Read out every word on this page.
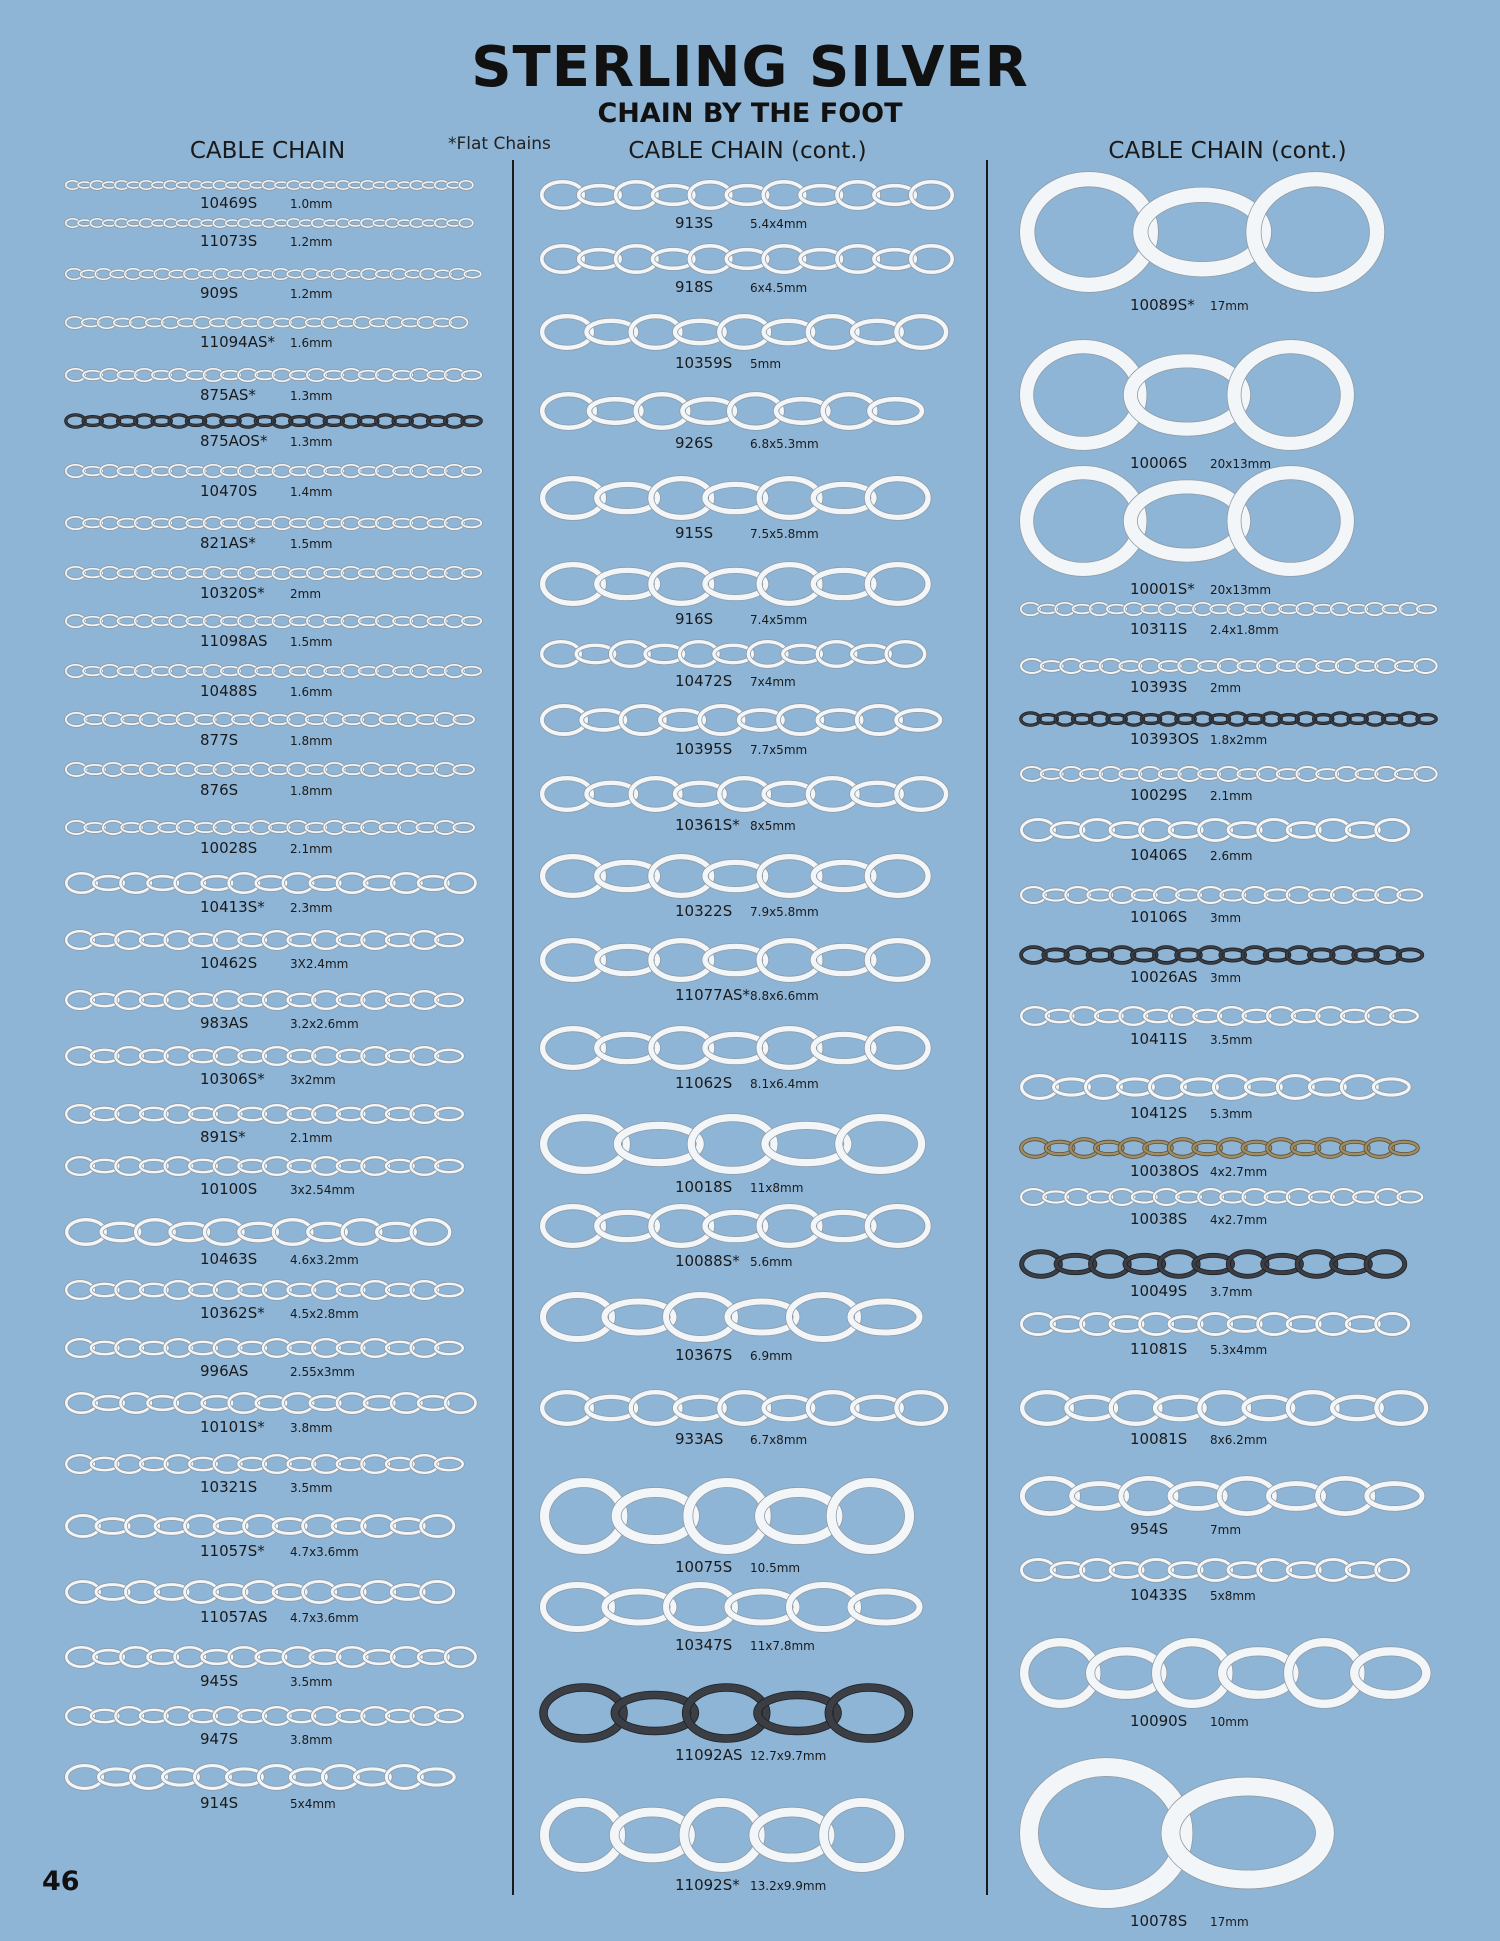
STERLING SILVER
CHAIN BY THE FOOT
*Flat Chains
CABLE CHAIN	CABLE CHAIN (cont.)	CABLE CHAIN (cont.)
10469S	1.0mm
11073S	1.2mm
909S	1.2mm
11094AS* 1.6mm
875AS*	1.3mm
875AOS* 1.3mm
10470S	1.4mm
821AS*	1.5mm
10320S* 2mm
11098AS 1.5mm
10488S	1.6mm
877S	1.8mm
876S	1.8mm
10028S	2.1mm
10413S* 2.3mm
10462S	3X2.4mm
983AS	3.2x2.6mm
10306S* 3x2mm
891S*	2.1mm
10100S	3x2.54mm
10463S	4.6x3.2mm
10362S* 4.5x2.8mm
996AS	2.55x3mm
10101S* 3.8mm
10321S	3.5mm
11057S* 4.7x3.6mm
11057AS 4.7x3.6mm
945S	3.5mm
947S	3.8mm
914S	5x4mm
913S	5.4x4mm
918S	6x4.5mm
10359S 5mm
926S	6.8x5.3mm
915S	7.5x5.8mm
916S	7.4x5mm
10472S 7x4mm
10395S 7.7x5mm
10361S* 8x5mm
10322S 7.9x5.8mm
11077AS* 8.8x6.6mm
11062S 8.1x6.4mm
10018S 11x8mm
10088S* 5.6mm
10367S 6.9mm
933AS 6.7x8mm
10075S 10.5mm
10347S 11x7.8mm
11092AS 12.7x9.7mm
11092S* 13.2x9.9mm
10089S* 17mm
10006S 20x13mm
10001S* 20x13mm
10311S 2.4x1.8mm
10393S 2mm
10393OS 1.8x2mm
10029S 2.1mm
10406S 2.6mm
10106S 3mm
10026AS 3mm
10411S 3.5mm
10412S 5.3mm
10038OS 4x2.7mm
10038S 4x2.7mm
10049S 3.7mm
11081S 5.3x4mm
10081S 8x6.2mm
954S	7mm
10433S 5x8mm
10090S 10mm
10078S 17mm
46
